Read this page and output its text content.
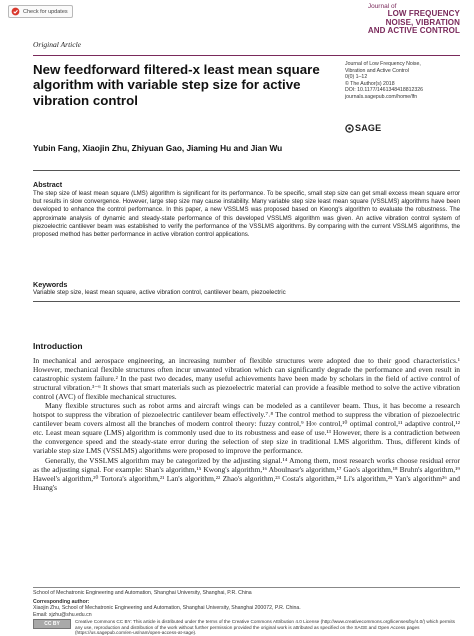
Check for updates
Journal of
LOW FREQUENCY
NOISE, VIBRATION
AND ACTIVE CONTROL
Original Article
New feedforward filtered-x least mean square algorithm with variable step size for active vibration control
Journal of Low Frequency Noise,
Vibration and Active Control
0(0) 1–12
© The Author(s) 2018
DOI: 10.1177/1461348418812326
journals.sagepub.com/home/lfn
SAGE
Yubin Fang, Xiaojin Zhu, Zhiyuan Gao, Jiaming Hu and Jian Wu
Abstract
The step size of least mean square (LMS) algorithm is significant for its performance. To be specific, small step size can get small excess mean square error but results in slow convergence. However, large step size may cause instability. Many variable step size least mean square (VSSLMS) algorithms have been developed to enhance the control performance. In this paper, a new VSSLMS was proposed based on Kwong's algorithm to evaluate the robustness. The approximate analysis of dynamic and steady-state performance of this developed VSSLMS algorithm was given. An active vibration control system of piezoelectric cantilever beam was established to verify the performance of the VSSLMS algorithms. By comparing with the current VSSLMS algorithms, the proposed method has better performance in active vibration control applications.
Keywords
Variable step size, least mean square, active vibration control, cantilever beam, piezoelectric
Introduction

In mechanical and aerospace engineering, an increasing number of flexible structures were adopted due to their good characteristics.¹ However, mechanical flexible structures often incur unwanted vibration which can significantly degrade the performance and even result in catastrophic system failure.² In the past two decades, many useful achievements have been made by scholars in the field of active control of structural vibration.³⁻⁶ It shows that smart materials such as piezoelectric material can provide a feasible method to solve the active vibration control (AVC) of flexible mechanical structures.

Many flexible structures such as robot arms and aircraft wings can be modeled as a cantilever beam. Thus, it has become a research hotspot to suppress the vibration of piezoelectric cantilever beam effectively.⁷˒⁸ The control method to suppress the vibration of piezoelectric cantilever beam covers almost all the branches of modern control theory: fuzzy control,⁹ H∞ control,¹⁰ optimal control,¹¹ adaptive control,¹² etc. Least mean square (LMS) algorithm is commonly used due to its robustness and ease of use.¹³ However, there is a contradiction between the convergence speed and the steady-state error during the selection of step size in traditional LMS algorithm. Thus, different kinds of variable step size LMS (VSSLMS) algorithms were proposed to improve the performance.

Generally, the VSSLMS algorithm may be categorized by the adjusting signal.¹⁴ Among them, most research works choose residual error as the adjusting signal. For example: Shan's algorithm,¹⁵ Kwong's algorithm,¹⁶ Aboulnasr's algorithm,¹⁷ Gao's algorithm,¹⁸ Bruhn's algorithm,¹⁹ Haweel's algorithm,²⁰ Tortora's algorithm,²¹ Lan's algorithm,²² Zhao's algorithm,²³ Costa's algorithm,²⁴ Li's algorithm,²⁵ Yan's algorithm²⁶ and Huang's

School of Mechatronic Engineering and Automation, Shanghai University, Shanghai, P.R. China
Corresponding author:
Xiaojin Zhu, School of Mechatronic Engineering and Automation, Shanghai University, Shanghai 200072, P.R. China.
Email: xjzhu@shu.edu.cn
CC BY	Creative Commons CC BY: This article is distributed under the terms of the Creative Commons Attribution 4.0 License (http://www.creativecommons.org/licenses/by/4.0/) which permits any use, reproduction and distribution of the work without further permission provided the original work is attributed as specified on the SAGE and Open Access pages (https://us.sagepub.com/en-us/nam/open-access-at-sage).
